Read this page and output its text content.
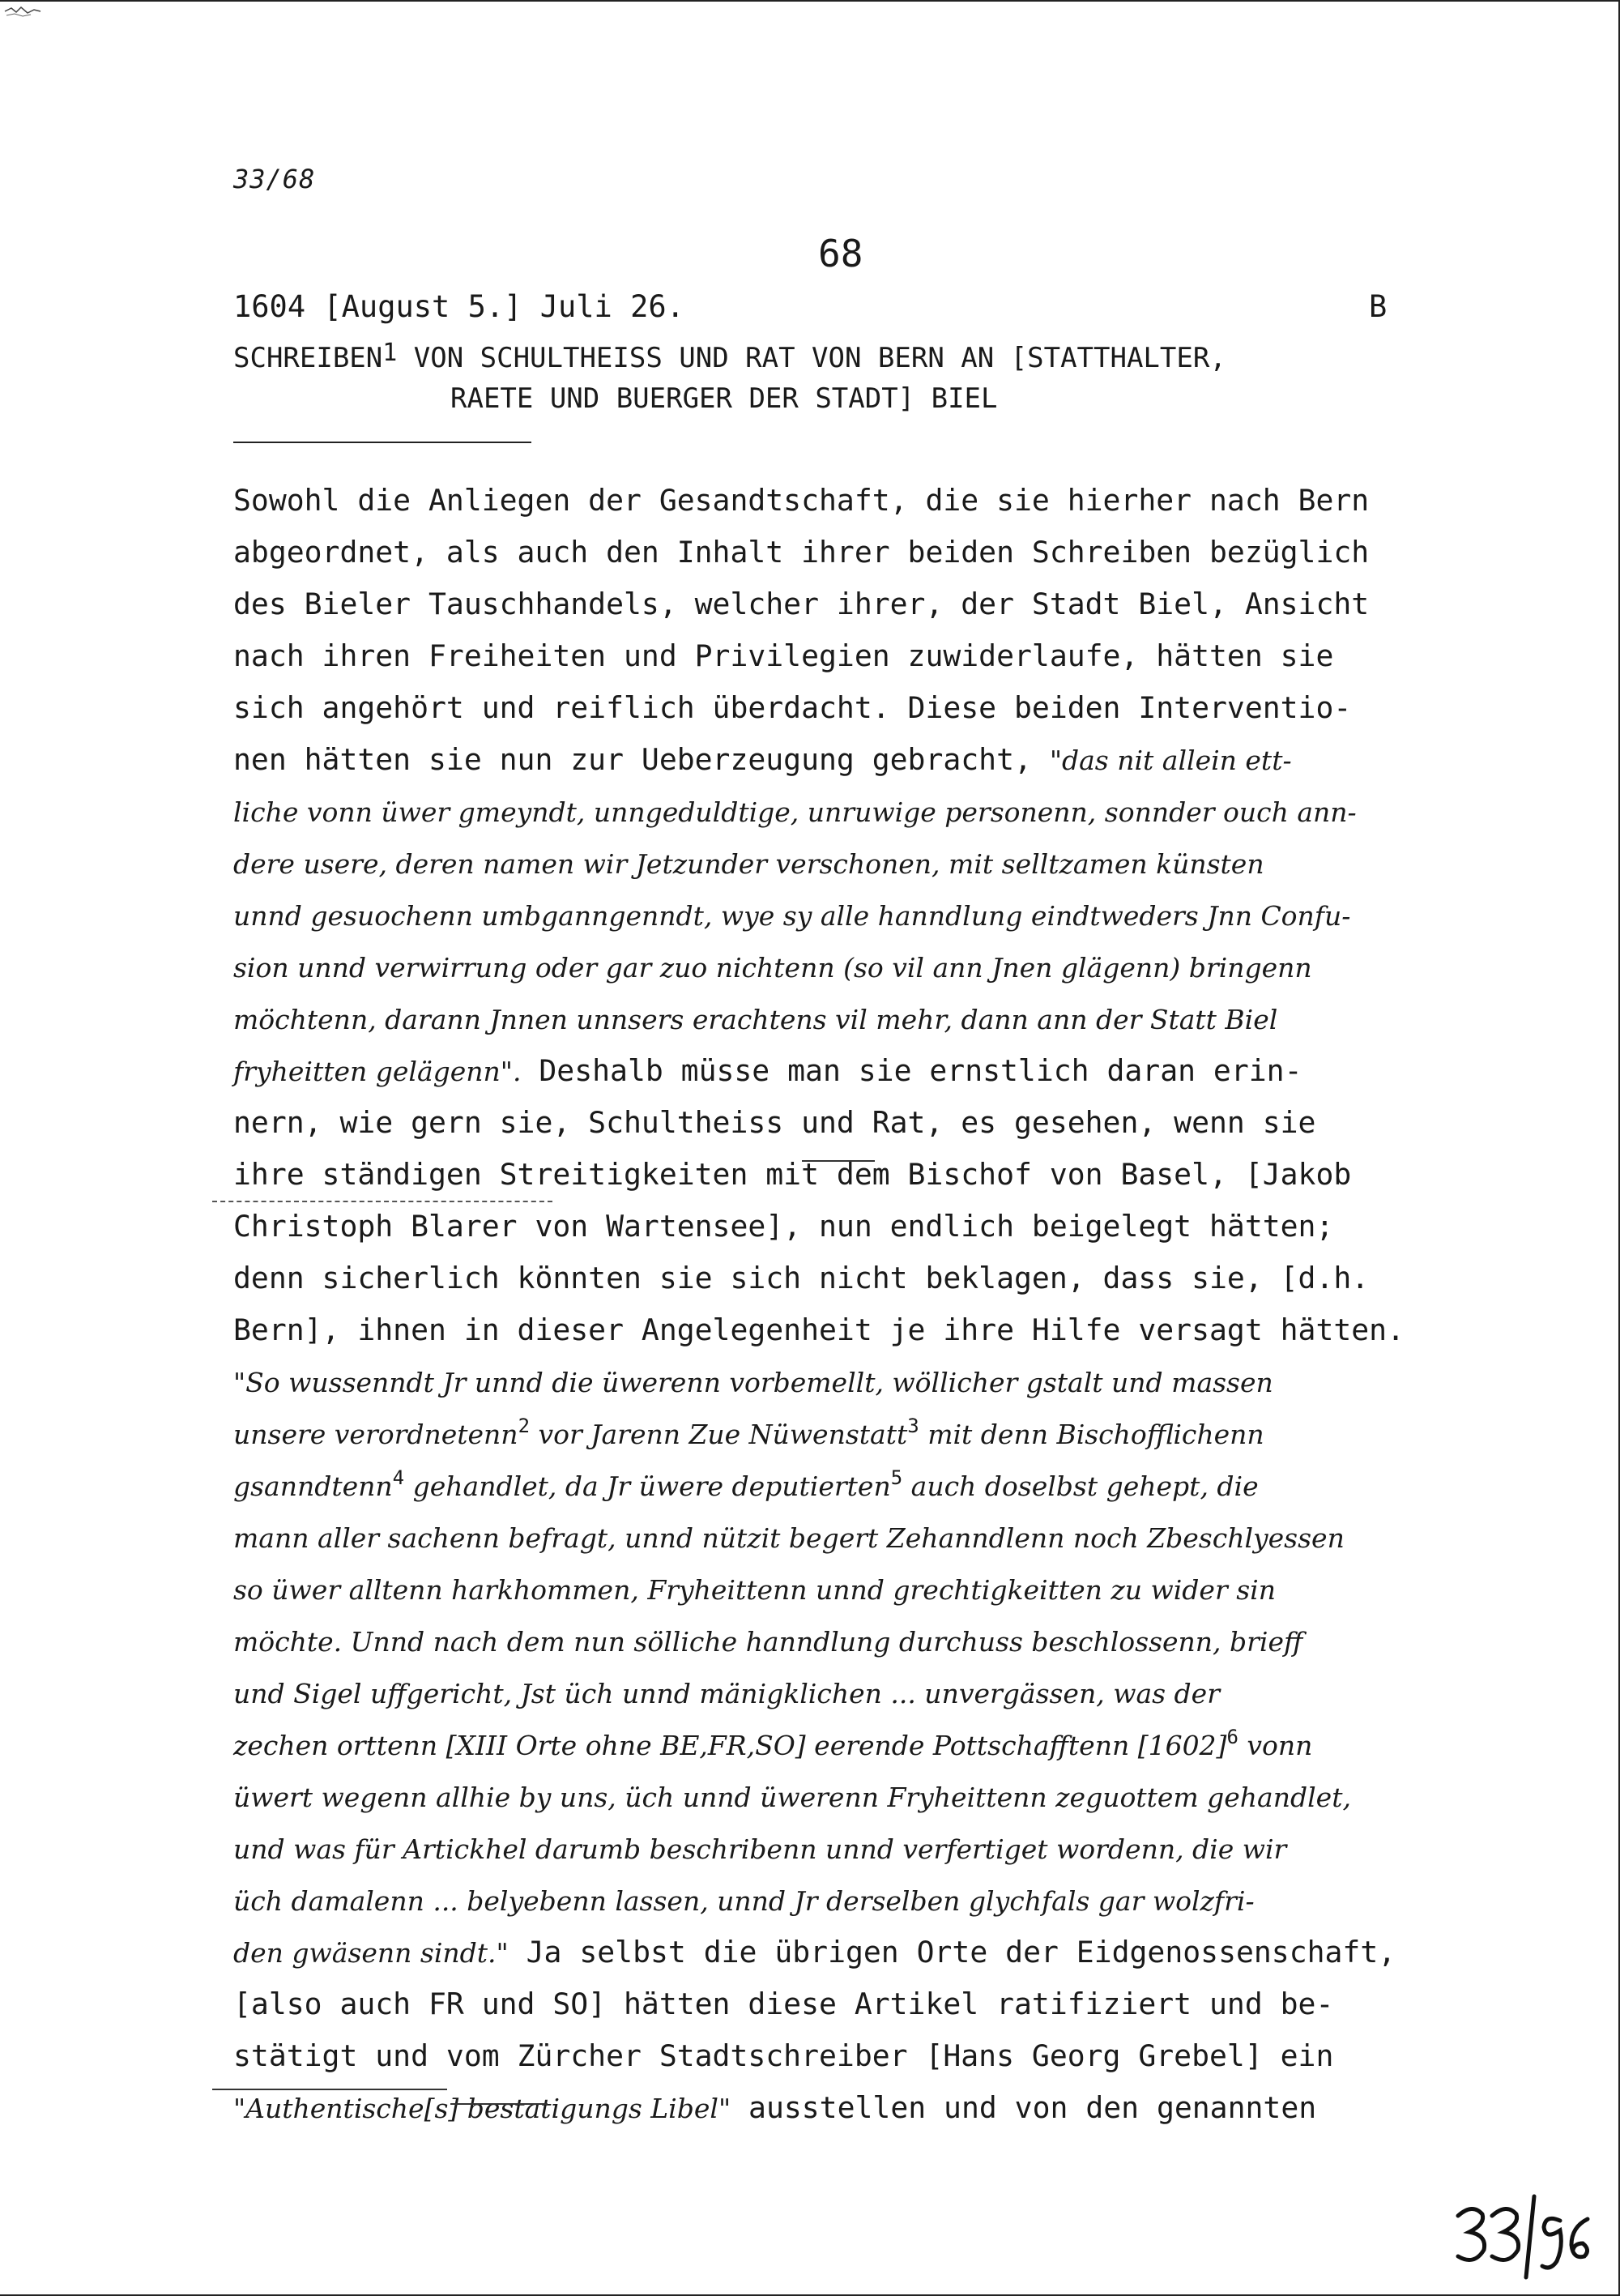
33/68
68
1604 [August 5.] Juli 26.	B
SCHREIBEN$^1$ VON SCHULTHEISS UND RAT VON BERN AN [STATTHALTER,
RAETE UND BUERGER DER STADT] BIEL
Sowohl die Anliegen der Gesandtschaft, die sie hierher nach Bern
abgeordnet, als auch den Inhalt ihrer beiden Schreiben bezüglich
des Bieler Tauschhandels, welcher ihrer, der Stadt Biel, Ansicht
nach ihren Freiheiten und Privilegien zuwiderlaufe, hätten sie
sich angehört und reiflich überdacht. Diese beiden Interventio-
nen hätten sie nun zur Ueberzeugung gebracht, "das nit allein ett-
liche vonn üwer gmeyndt, unngeduldtige, unruwige personenn, sonnder ouch ann-
dere usere, deren namen wir Jetzunder verschonen, mit selltzamen künsten
unnd gesuochenn umbganngenndt, wye sy alle hanndlung eindtweders Jnn Confu-
sion unnd verwirrung oder gar zuo nichtenn (so vil ann Jnen glägenn) bringenn
möchtenn, darann Jnnen unnsers erachtens vil mehr, dann ann der Statt Biel
fryheitten gelägenn". Deshalb müsse man sie ernstlich daran erin-
nern, wie gern sie, Schultheiss und Rat, es gesehen, wenn sie
ihre ständigen Streitigkeiten mit dem Bischof von Basel, [Jakob
Christoph Blarer von Wartensee], nun endlich beigelegt hätten;
denn sicherlich könnten sie sich nicht beklagen, dass sie, [d.h.
Bern], ihnen in dieser Angelegenheit je ihre Hilfe versagt hätten.
"So wussenndt Jr unnd die üwerenn vorbemellt, wöllicher gstalt und massen
unsere verordnetenn$^2$ vor Jarenn Zue Nüwenstatt$^3$ mit denn Bischofflichenn
gsanndtenn$^4$ gehandlet, da Jr üwere deputierten$^5$ auch doselbst gehept, die
mann aller sachenn befragt, unnd nützit begert Zehanndlenn noch Zbeschlyessen
so üwer alltenn harkhommen, Fryheittenn unnd grechtigkeitten zu wider sin
möchte. Unnd nach dem nun sölliche hanndlung durchuss beschlossenn, brieff
und Sigel uffgericht, Jst üch unnd mänigklichen ... unvergässen, was der
zechen orttenn [XIII Orte ohne BE,FR,SO] eerende Pottschafftenn $[1602]^6$ vonn
üwert wegenn allhie by uns, üch unnd üwerenn Fryheittenn zeguottem gehandlet,
und was für Artickhel darumb beschribenn unnd verfertiget wordenn, die wir
üch damalenn ... belyebenn lassen, unnd Jr derselben glychfals gar wolzfri-
den gwäsenn sindt." Ja selbst die übrigen Orte der Eidgenossenschaft,
[also auch FR und SO] hätten diese Artikel ratifiziert und be-
stätigt und vom Zürcher Stadtschreiber [Hans Georg Grebel] ein
"Authentische[s] bestatigungs Libel" ausstellen und von den genannten
